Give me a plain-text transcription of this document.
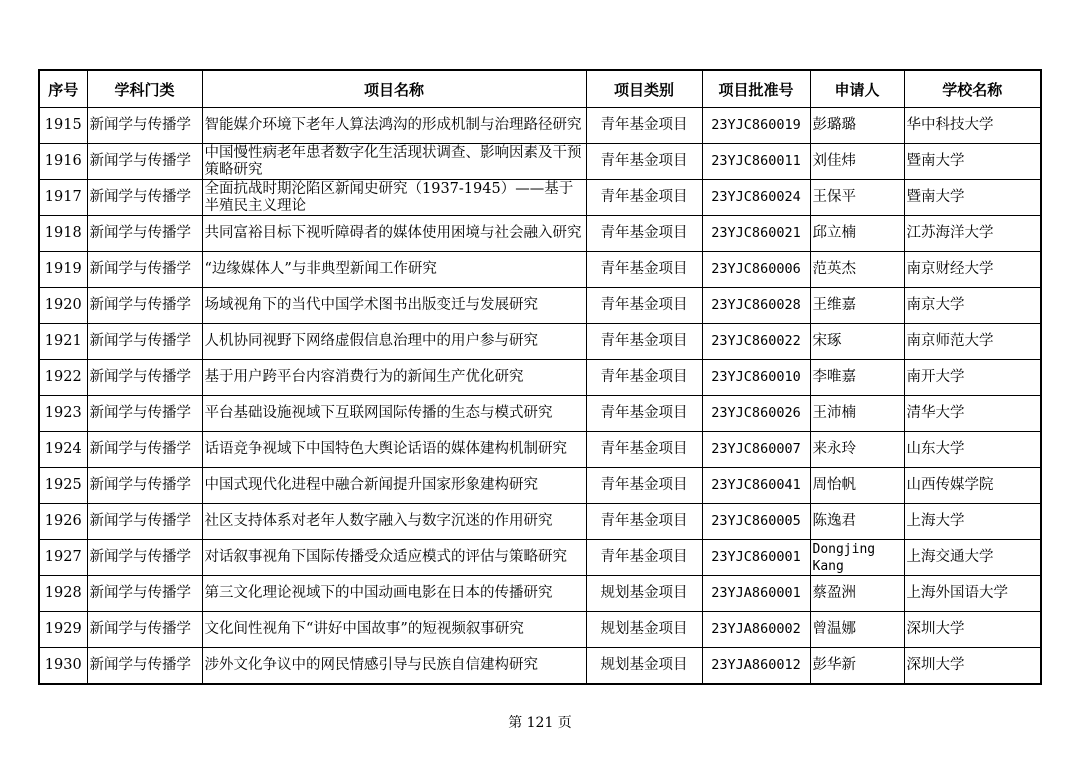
序号	学科门类	项目名称	项目类别	项目批准号	申请人	学校名称
1915	新闻学与传播学	智能媒介环境下老年人算法鸿沟的形成机制与治理路径研究	青年基金项目	23YJC860019	彭璐璐	华中科技大学
1916	新闻学与传播学	中国慢性病老年患者数字化生活现状调查、影响因素及干预策略研究	青年基金项目	23YJC860011	刘佳炜	暨南大学
1917	新闻学与传播学	全面抗战时期沦陷区新闻史研究（1937-1945）——基于半殖民主义理论	青年基金项目	23YJC860024	王保平	暨南大学
1918	新闻学与传播学	共同富裕目标下视听障碍者的媒体使用困境与社会融入研究	青年基金项目	23YJC860021	邱立楠	江苏海洋大学
1919	新闻学与传播学	“边缘媒体人”与非典型新闻工作研究	青年基金项目	23YJC860006	范英杰	南京财经大学
1920	新闻学与传播学	场域视角下的当代中国学术图书出版变迁与发展研究	青年基金项目	23YJC860028	王维嘉	南京大学
1921	新闻学与传播学	人机协同视野下网络虚假信息治理中的用户参与研究	青年基金项目	23YJC860022	宋琢	南京师范大学
1922	新闻学与传播学	基于用户跨平台内容消费行为的新闻生产优化研究	青年基金项目	23YJC860010	李唯嘉	南开大学
1923	新闻学与传播学	平台基础设施视域下互联网国际传播的生态与模式研究	青年基金项目	23YJC860026	王沛楠	清华大学
1924	新闻学与传播学	话语竞争视域下中国特色大舆论话语的媒体建构机制研究	青年基金项目	23YJC860007	来永玲	山东大学
1925	新闻学与传播学	中国式现代化进程中融合新闻提升国家形象建构研究	青年基金项目	23YJC860041	周怡帆	山西传媒学院
1926	新闻学与传播学	社区支持体系对老年人数字融入与数字沉迷的作用研究	青年基金项目	23YJC860005	陈逸君	上海大学
1927	新闻学与传播学	对话叙事视角下国际传播受众适应模式的评估与策略研究	青年基金项目	23YJC860001	Dongjing Kang	上海交通大学
1928	新闻学与传播学	第三文化理论视域下的中国动画电影在日本的传播研究	规划基金项目	23YJA860001	蔡盈洲	上海外国语大学
1929	新闻学与传播学	文化间性视角下“讲好中国故事”的短视频叙事研究	规划基金项目	23YJA860002	曾温娜	深圳大学
1930	新闻学与传播学	涉外文化争议中的网民情感引导与民族自信建构研究	规划基金项目	23YJA860012	彭华新	深圳大学
第 121 页
